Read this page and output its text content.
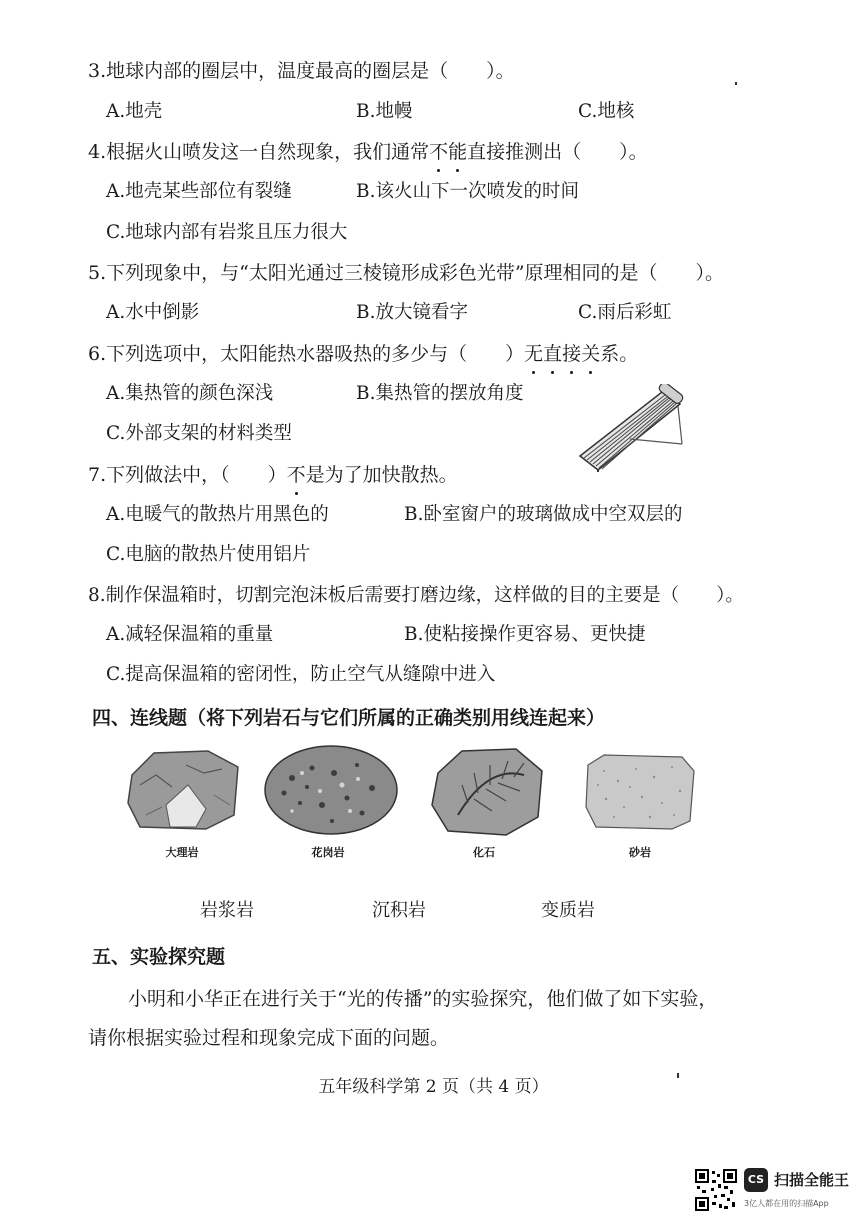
3.地球内部的圈层中，温度最高的圈层是（　　）。
A.地壳	B.地幔	C.地核
4.根据火山喷发这一自然现象，我们通常不能直接推测出（　　）。
A.地壳某些部位有裂缝	B.该火山下一次喷发的时间
C.地球内部有岩浆且压力很大
5.下列现象中，与“太阳光通过三棱镜形成彩色光带”原理相同的是（　　）。
A.水中倒影	B.放大镜看字	C.雨后彩虹
6.下列选项中，太阳能热水器吸热的多少与（　　）无直接关系。
A.集热管的颜色深浅	B.集热管的摆放角度
C.外部支架的材料类型
7.下列做法中，（　　）不是为了加快散热。
A.电暖气的散热片用黑色的	B.卧室窗户的玻璃做成中空双层的
C.电脑的散热片使用铝片
8.制作保温箱时，切割完泡沫板后需要打磨边缘，这样做的目的主要是（　　）。
A.减轻保温箱的重量	B.使粘接操作更容易、更快捷
C.提高保温箱的密闭性，防止空气从缝隙中进入
四、连线题（将下列岩石与它们所属的正确类别用线连起来）
大理岩	花岗岩	化石	砂岩
岩浆岩	沉积岩	变质岩
五、实验探究题
小明和小华正在进行关于“光的传播”的实验探究，他们做了如下实验，
请你根据实验过程和现象完成下面的问题。
五年级科学第 2 页（共 4 页）
CS 扫描全能王
3亿人都在用的扫描App
